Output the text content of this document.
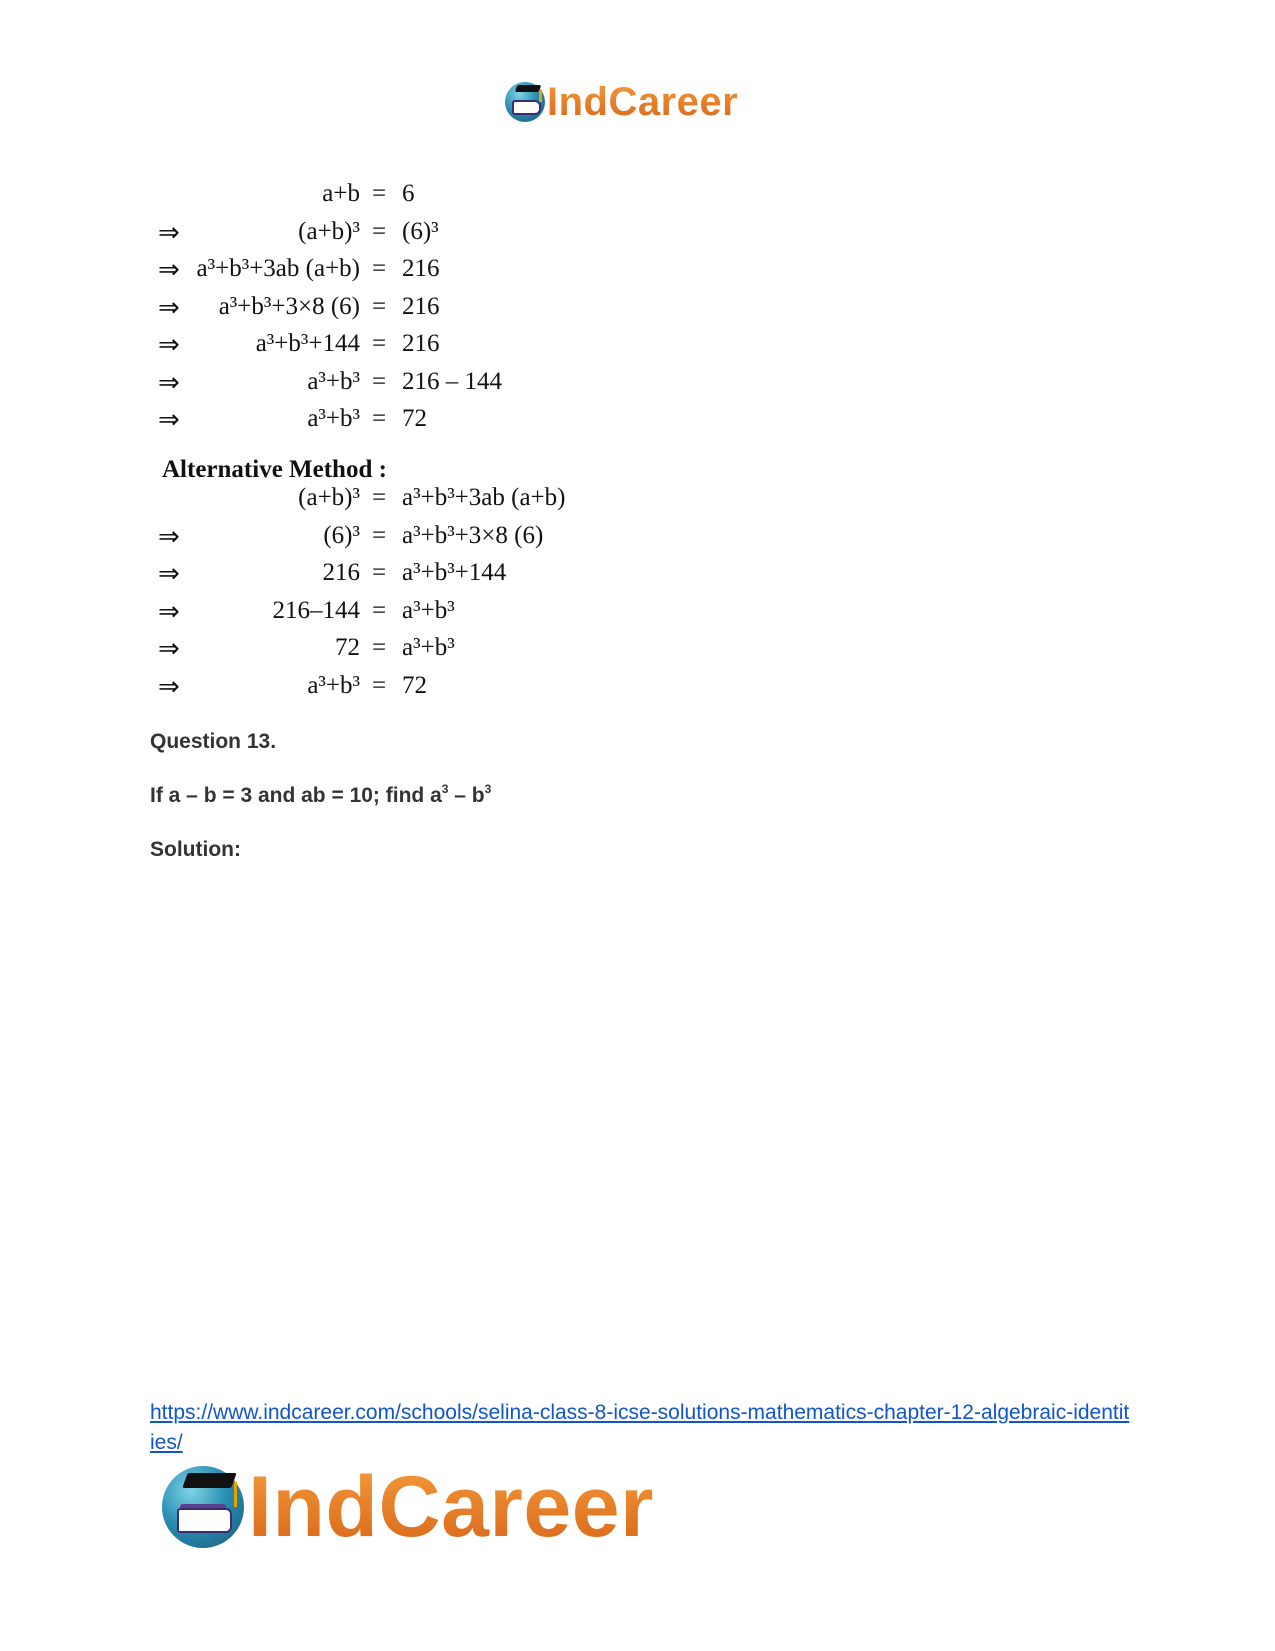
IndCareer
a+b = 6
⇒	(a+b)³ = (6)³
⇒ a³+b³+3ab (a+b) = 216
⇒ a³+b³+3×8 (6) = 216
⇒	a³+b³+144 = 216
⇒	a³+b³ = 216 – 144
⇒	a³+b³ = 72
Alternative Method :
(a+b)³ = a³+b³+3ab (a+b)
⇒	(6)³ = a³+b³+3×8 (6)
⇒	216 = a³+b³+144
⇒	216–144 = a³+b³
⇒	72 = a³+b³
⇒	a³+b³ = 72
Question 13.
If a – b = 3 and ab = 10; find $a^3 - b^3$
Solution:
https://www.indcareer.com/schools/selina-class-8-icse-solutions-mathematics-chapter-12-algebraic-identities/
IndCareer
